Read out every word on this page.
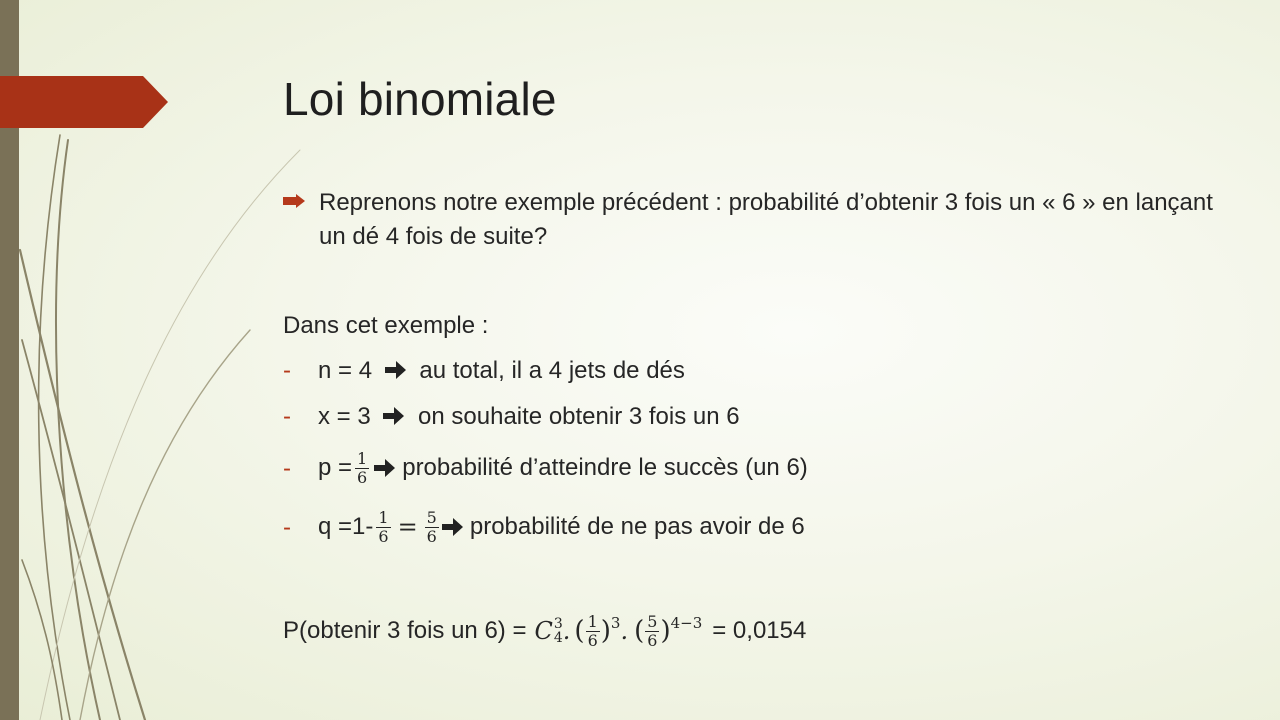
Loi binomiale
Reprenons notre exemple précédent : probabilité d’obtenir 3 fois un « 6 » en lançant un dé 4 fois de suite?
Dans cet exemple :
- n = 4 au total, il a 4 jets de dés
- x = 3 on souhaite obtenir 3 fois un 6
- $p = \frac{1}{6}$ probabilité d’atteindre le succès (un 6)
- $q =1- \frac{1}{6} = \frac{5}{6}$ probabilité de ne pas avoir de 6
P(obtenir 3 fois un 6) = C 3
4 . ( $\frac{1}{6}$ ) 3 . ( $\frac{5}{6}$ ) 4−3 = 0,0154
